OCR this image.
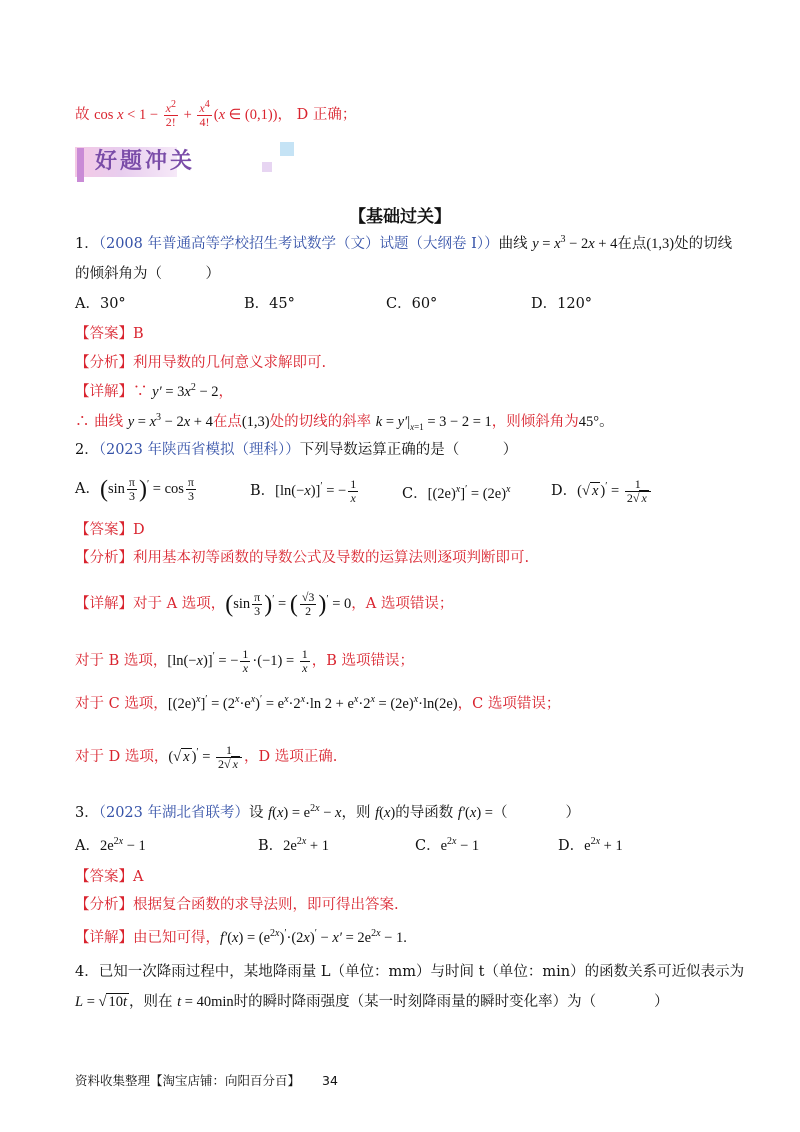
故 $\cos x < 1 - \frac{x^2}{2!} + \frac{x^4}{4!} (x$ ∈ (0,1))， D 正确；
好题冲关
【基础过关】
1．（2008 年普通高等学校招生考试数学（文）试题（大纲卷 Ⅰ））曲线 $y = x^3 - 2x + 4$在点(1,3)处的切线
的倾斜角为（　　　）
A．30°	B．45°	C．60°	D．120°
【答案】B
【分析】利用导数的几何意义求解即可.
【详解】∵ $y' = 3x^2 - 2$，
∴ 曲线 $y = x^3 - 2x + 4$在点(1,3)处的切线的斜率 $k = y'|_{x=1} = 3 - 2 = 1$，则倾斜角为45°。
2．（2023 年陕西省模拟（理科））下列导数运算正确的是（　　　）
A．$(\sin \frac{\pi}{3} )' = \cos \frac{\pi}{3}$	B．[ln(−x)]′ = − $\frac{1}{x}$	C．$[(2e)^x]' = (2e)^x$	D．(√ x )$' = \frac{1}{2√ x}$
【答案】D
【分析】利用基本初等函数的导数公式及导数的运算法则逐项判断即可.
【详解】对于 A 选项，$(\sin \frac{\pi}{3} )'$ = ( $\frac{√3}{2} )' = 0$，A 选项错误；
对于 B 选项，[ln(−x)]′ = − $\frac{1}{x} \cdot(-1) = \frac{1}{x}$ ，B 选项错误；
对于 C 选项，$[(2e)^x]' = (2^x\cdot e^x)' = e^x\cdot 2^x\cdot\ln$ $2 + e^x\cdot 2^x = (2e)^x\cdot\ln(2e)$，C 选项错误；
对于 D 选项，(√ x )$' = \frac{1}{2√ x}$ ，D 选项正确.
3．（2023 年湖北省联考）设 $f(x) = e^{2x} - x$，则 f(x)的导函数 f′(x) =（　　　　）
A．$2e^{2x} - 1$	B．$2e^{2x} + 1$	C．$e^{2x} - 1$	D．$e^{2x} + 1$
【答案】A
【分析】根据复合函数的求导法则，即可得出答案.
【详解】由已知可得，$f'(x) = (e^{2x})'\cdot(2x)' - x' = 2e^{2x} - 1$.
4．已知一次降雨过程中，某地降雨量 L（单位：mm）与时间 t（单位：min）的函数关系可近似表示为
L = √ 10t ，则在 t = 40min时的瞬时降雨强度（某一时刻降雨量的瞬时变化率）为（　　　　）
资料收集整理【淘宝店铺：向阳百分百】 34
